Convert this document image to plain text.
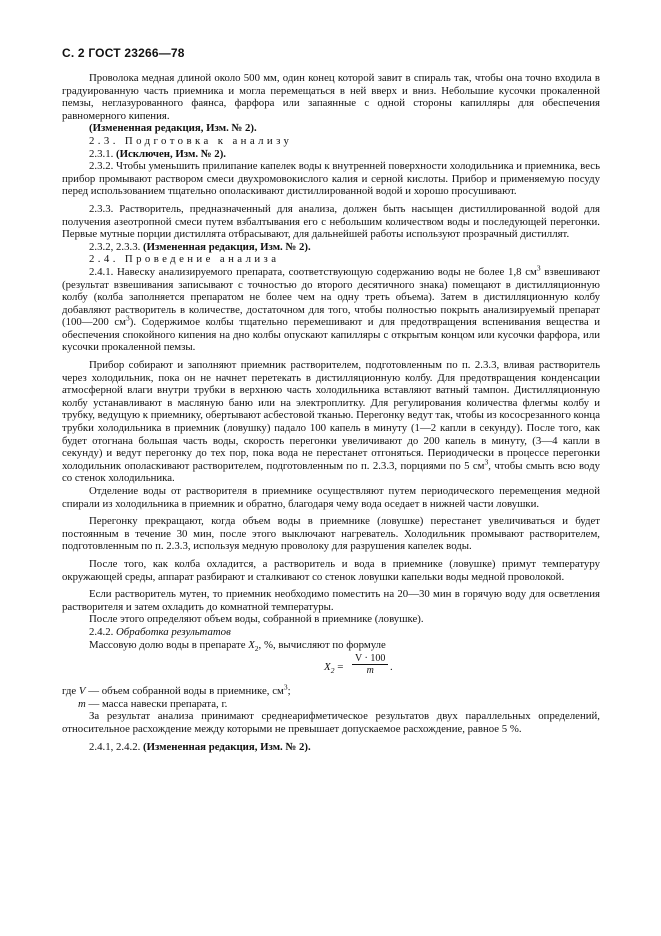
С. 2 ГОСТ 23266—78

Проволока медная длиной около 500 мм, один конец которой завит в спираль так, чтобы она точно входила в градуированную часть приемника и могла перемещаться в ней вверх и вниз. Небольшие кусочки прокаленной пемзы, неглазурованного фаянса, фарфора или запаянные с одной стороны капилляры для обеспечения равномерного кипения.

(Измененная редакция, Изм. № 2).

2.3. Подготовка к анализу

2.3.1. (Исключен, Изм. № 2).

2.3.2. Чтобы уменьшить прилипание капелек воды к внутренней поверхности холодильника и приемника, весь прибор промывают раствором смеси двухромовокислого калия и серной кислоты. Прибор и применяемую посуду перед использованием тщательно ополаскивают дистиллированной водой и хорошо просушивают.

2.3.3. Растворитель, предназначенный для анализа, должен быть насыщен дистиллированной водой для получения азеотропной смеси путем взбалтывания его с небольшим количеством воды и последующей перегонки. Первые мутные порции дистиллята отбрасывают, для дальнейшей работы используют прозрачный дистиллят.

2.3.2, 2.3.3. (Измененная редакция, Изм. № 2).

2.4. Проведение анализа

2.4.1. Навеску анализируемого препарата, соответствующую содержанию воды не более 1,8 $см^3$ взвешивают (результат взвешивания записывают с точностью до второго десятичного знака) помещают в дистилляционную колбу (колба заполняется препаратом не более чем на одну треть объема). Затем в дистилляционную колбу добавляют растворитель в количестве, достаточном для того, чтобы полностью покрыть анализируемый препарат (100—200 $см^3$). Содержимое колбы тщательно перемешивают и для предотвращения вспенивания вещества и обеспечения спокойного кипения на дно колбы опускают капилляры с открытым концом или кусочки фарфора, или кусочки прокаленной пемзы.

Прибор собирают и заполняют приемник растворителем, подготовленным по п. 2.3.3, вливая растворитель через холодильник, пока он не начнет перетекать в дистилляционную колбу. Для предотвращения конденсации атмосферной влаги внутри трубки в верхнюю часть холодильника вставляют ватный тампон. Дистилляционную колбу устанавливают в масляную баню или на электроплитку. Для регулирования количества флегмы колбу и трубку, ведущую к приемнику, обертывают асбестовой тканью. Перегонку ведут так, чтобы из кососрезанного конца трубки холодильника в приемник (ловушку) падало 100 капель в минуту (1—2 капли в секунду). После того, как будет отогнана большая часть воды, скорость перегонки увеличивают до 200 капель в минуту, (3—4 капли в секунду) и ведут перегонку до тех пор, пока вода не перестанет отгоняться. Периодически в процессе перегонки холодильник ополаскивают растворителем, подготовленным по п. 2.3.3, порциями по 5 $см^3$, чтобы смыть всю воду со стенок холодильника.

Отделение воды от растворителя в приемнике осуществляют путем периодического перемещения медной спирали из холодильника в приемник и обратно, благодаря чему вода оседает в нижней части ловушки.

Перегонку прекращают, когда объем воды в приемнике (ловушке) перестанет увеличиваться и будет постоянным в течение 30 мин, после этого выключают нагреватель. Холодильник промывают растворителем, подготовленным по п. 2.3.3, используя медную проволоку для разрушения капелек воды.

После того, как колба охладится, а растворитель и вода в приемнике (ловушке) примут температуру окружающей среды, аппарат разбирают и сталкивают со стенок ловушки капельки воды медной проволокой.

Если растворитель мутен, то приемник необходимо поместить на 20—30 мин в горячую воду для осветления растворителя и затем охладить до комнатной температуры.

После этого определяют объем воды, собранной в приемнике (ловушке).

2.4.2. Обработка результатов

Массовую долю воды в препарате $X_2$, %, вычисляют по формуле

$X_2 = \frac{V \cdot 100}{m}$ .

где V — объем собранной воды в приемнике, $см^3$;

m — масса навески препарата, г.

За результат анализа принимают среднеарифметическое результатов двух параллельных определений, относительное расхождение между которыми не превышает допускаемое расхождение, равное 5 %.

2.4.1, 2.4.2. (Измененная редакция, Изм. № 2).
